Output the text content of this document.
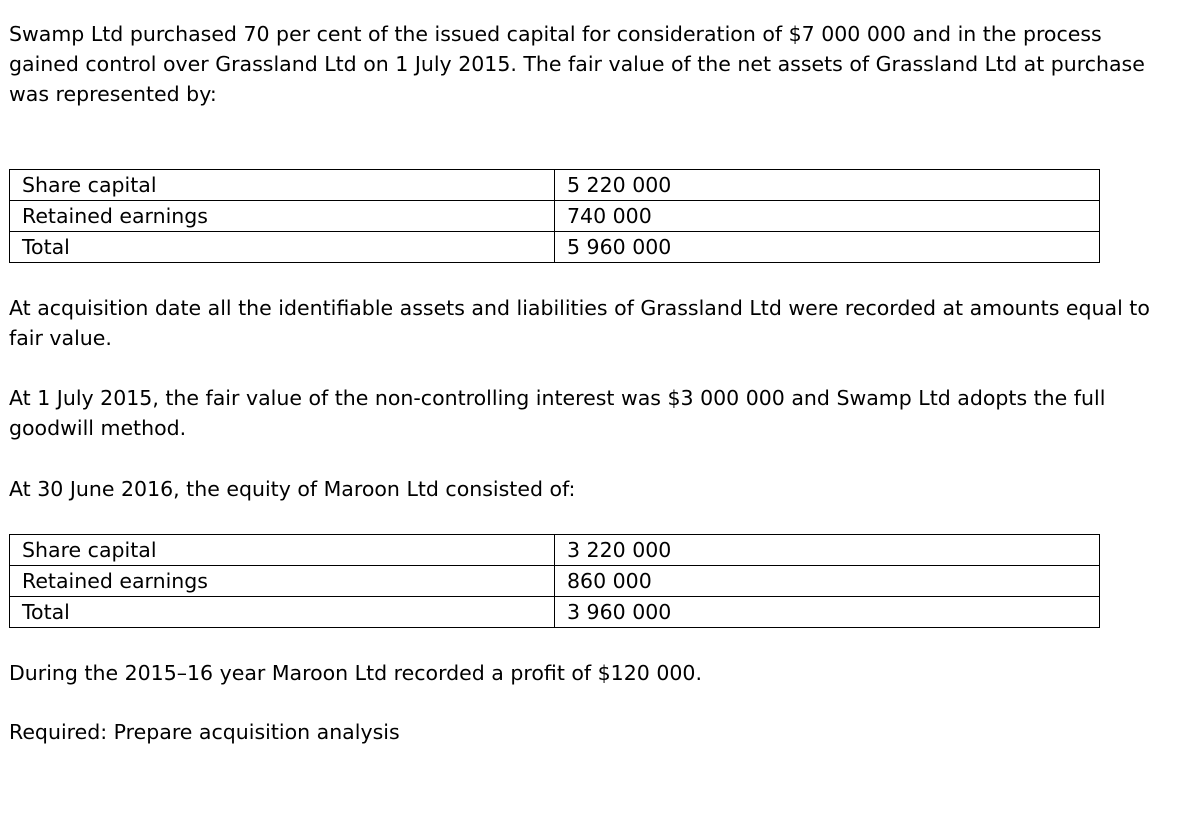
Swamp Ltd purchased 70 per cent of the issued capital for consideration of $7 000 000 and in the process gained control over Grassland Ltd on 1 July 2015. The fair value of the net assets of Grassland Ltd at purchase was represented by:

Share capital	5 220 000
Retained earnings	740 000
Total	5 960 000

At acquisition date all the identifiable assets and liabilities of Grassland Ltd were recorded at amounts equal to fair value.

At 1 July 2015, the fair value of the non-controlling interest was $3 000 000 and Swamp Ltd adopts the full goodwill method.

At 30 June 2016, the equity of Maroon Ltd consisted of:

Share capital	3 220 000
Retained earnings	860 000
Total	3 960 000

During the 2015–16 year Maroon Ltd recorded a profit of $120 000.

Required: Prepare acquisition analysis
